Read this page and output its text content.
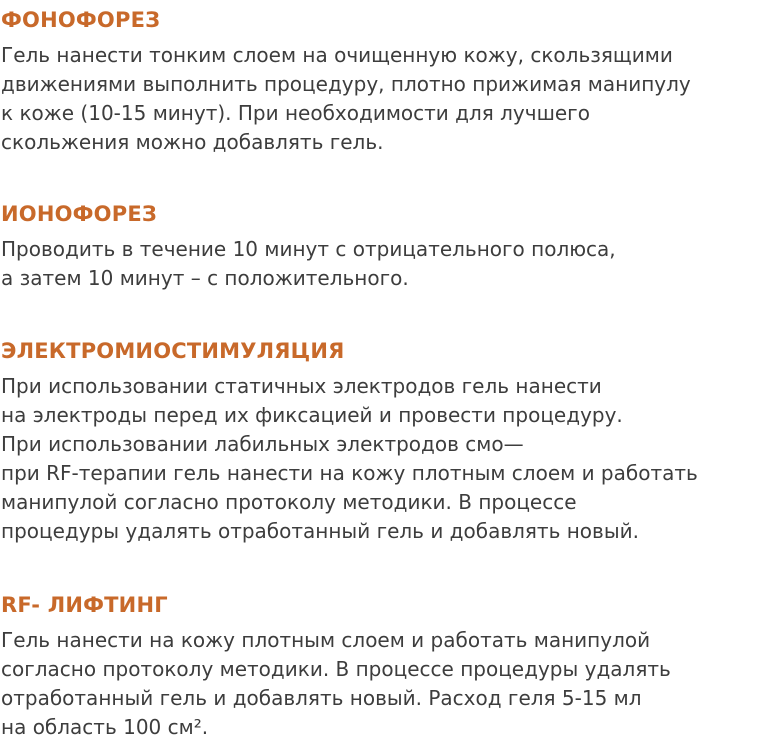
ФОНОФОРЕЗ

Гель нанести тонким слоем на очищенную кожу, скользящими

движениями выполнить процедуру, плотно прижимая манипулу

к коже (10-15 минут). При необходимости для лучшего

скольжения можно добавлять гель.

ИОНОФОРЕЗ

Проводить в течение 10 минут с отрицательного полюса,

а затем 10 минут – с положительного.

ЭЛЕКТРОМИОСТИМУЛЯЦИЯ

При использовании статичных электродов гель нанести

на электроды перед их фиксацией и провести процедуру.

При использовании лабильных электродов смо—

при RF-терапии гель нанести на кожу плотным слоем и работать

манипулой согласно протоколу методики. В процессе

процедуры удалять отработанный гель и добавлять новый.

RF- ЛИФТИНГ

Гель нанести на кожу плотным слоем и работать манипулой

согласно протоколу методики. В процессе процедуры удалять

отработанный гель и добавлять новый. Расход геля 5-15 мл

на область 100 см².
